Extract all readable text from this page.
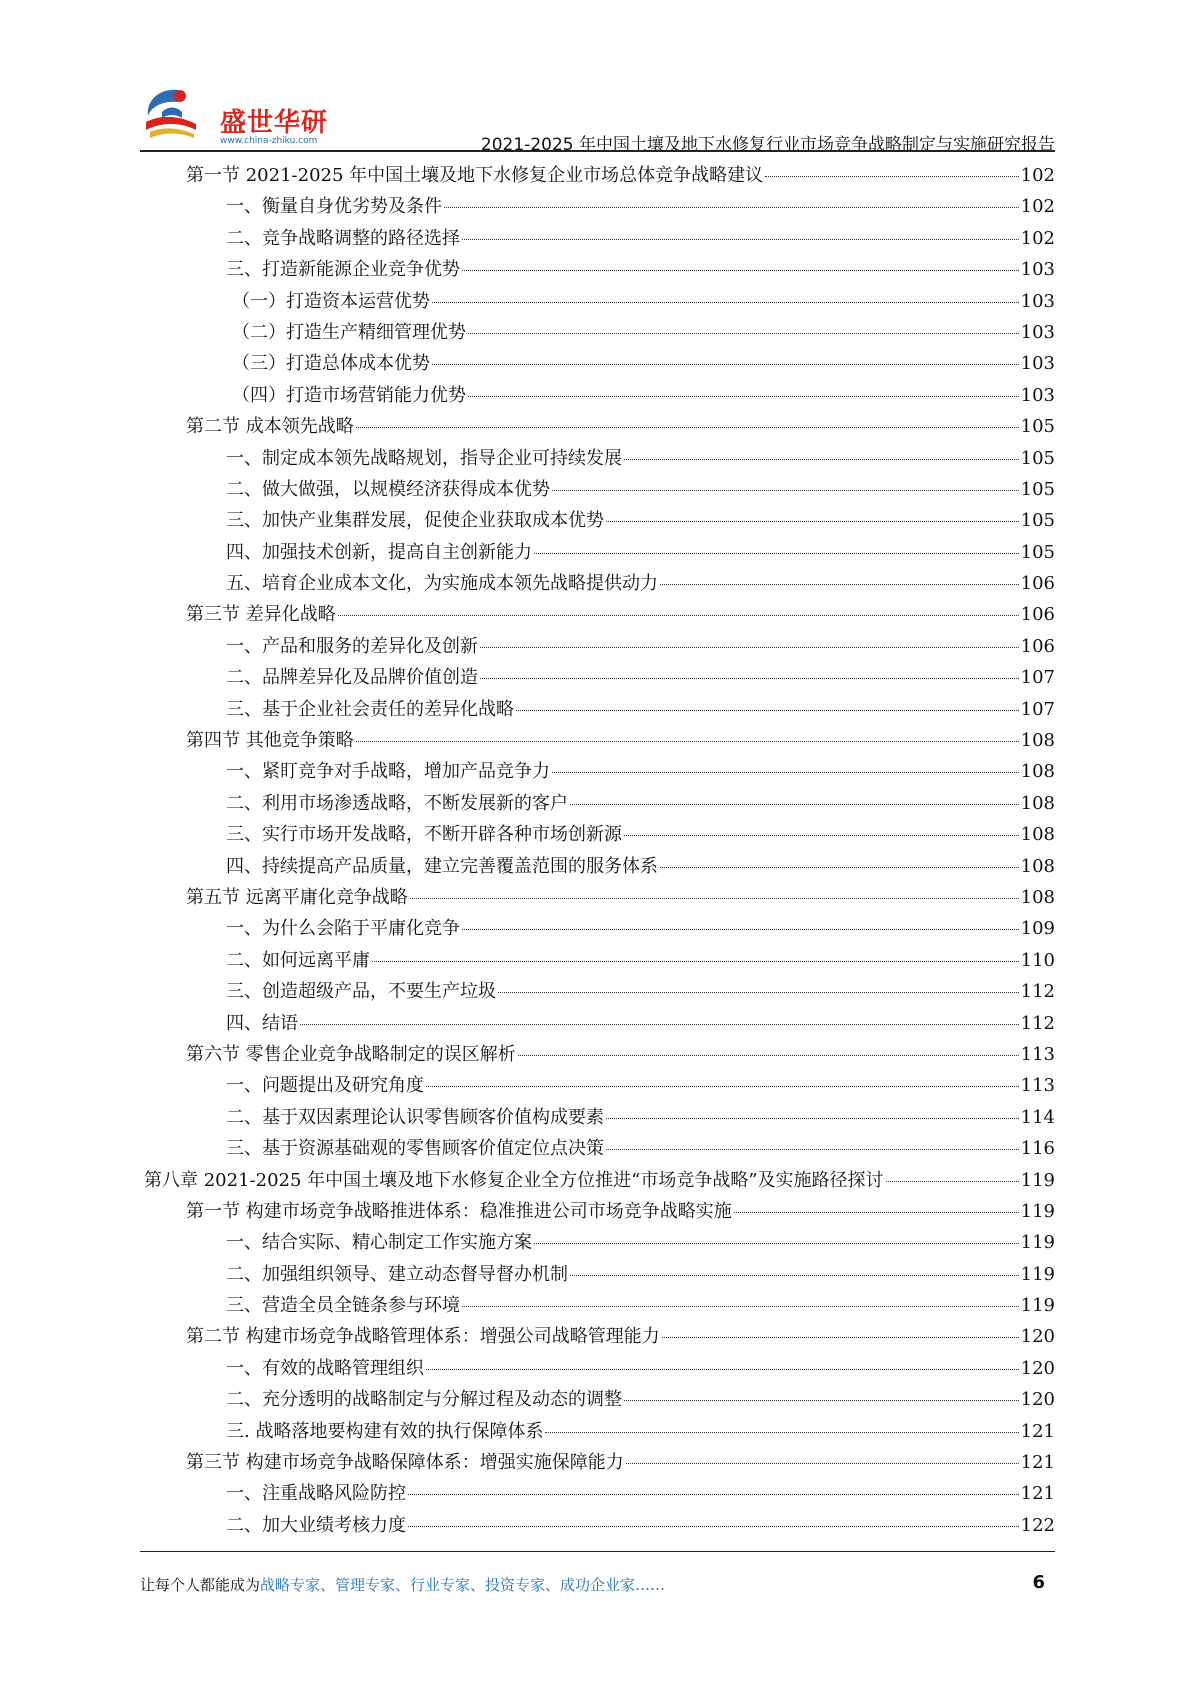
盛世华研
www.china-zhiku.com	2021-2025 年中国土壤及地下水修复行业市场竞争战略制定与实施研究报告
第一节 2021-2025 年中国土壤及地下水修复企业市场总体竞争战略建议	102
一、衡量自身优劣势及条件	102
二、竞争战略调整的路径选择	102
三、打造新能源企业竞争优势	103
（一）打造资本运营优势	103
（二）打造生产精细管理优势	103
（三）打造总体成本优势	103
（四）打造市场营销能力优势	103
第二节 成本领先战略	105
一、制定成本领先战略规划，指导企业可持续发展	105
二、做大做强，以规模经济获得成本优势	105
三、加快产业集群发展，促使企业获取成本优势	105
四、加强技术创新，提高自主创新能力	105
五、培育企业成本文化，为实施成本领先战略提供动力	106
第三节 差异化战略	106
一、产品和服务的差异化及创新	106
二、品牌差异化及品牌价值创造	107
三、基于企业社会责任的差异化战略	107
第四节 其他竞争策略	108
一、紧盯竞争对手战略，增加产品竞争力	108
二、利用市场渗透战略，不断发展新的客户	108
三、实行市场开发战略，不断开辟各种市场创新源	108
四、持续提高产品质量，建立完善覆盖范围的服务体系	108
第五节 远离平庸化竞争战略	108
一、为什么会陷于平庸化竞争	109
二、如何远离平庸	110
三、创造超级产品，不要生产垃圾	112
四、结语	112
第六节 零售企业竞争战略制定的误区解析	113
一、问题提出及研究角度	113
二、基于双因素理论认识零售顾客价值构成要素	114
三、基于资源基础观的零售顾客价值定位点决策	116
第八章 2021-2025 年中国土壤及地下水修复企业全方位推进“市场竞争战略”及实施路径探讨	119
第一节 构建市场竞争战略推进体系：稳准推进公司市场竞争战略实施	119
一、结合实际、精心制定工作实施方案	119
二、加强组织领导、建立动态督导督办机制	119
三、营造全员全链条参与环境	119
第二节 构建市场竞争战略管理体系：增强公司战略管理能力	120
一、有效的战略管理组织	120
二、充分透明的战略制定与分解过程及动态的调整	120
三. 战略落地要构建有效的执行保障体系	121
第三节 构建市场竞争战略保障体系：增强实施保障能力	121
一、注重战略风险防控	121
二、加大业绩考核力度	122
让每个人都能成为战略专家、管理专家、行业专家、投资专家、成功企业家……	6
